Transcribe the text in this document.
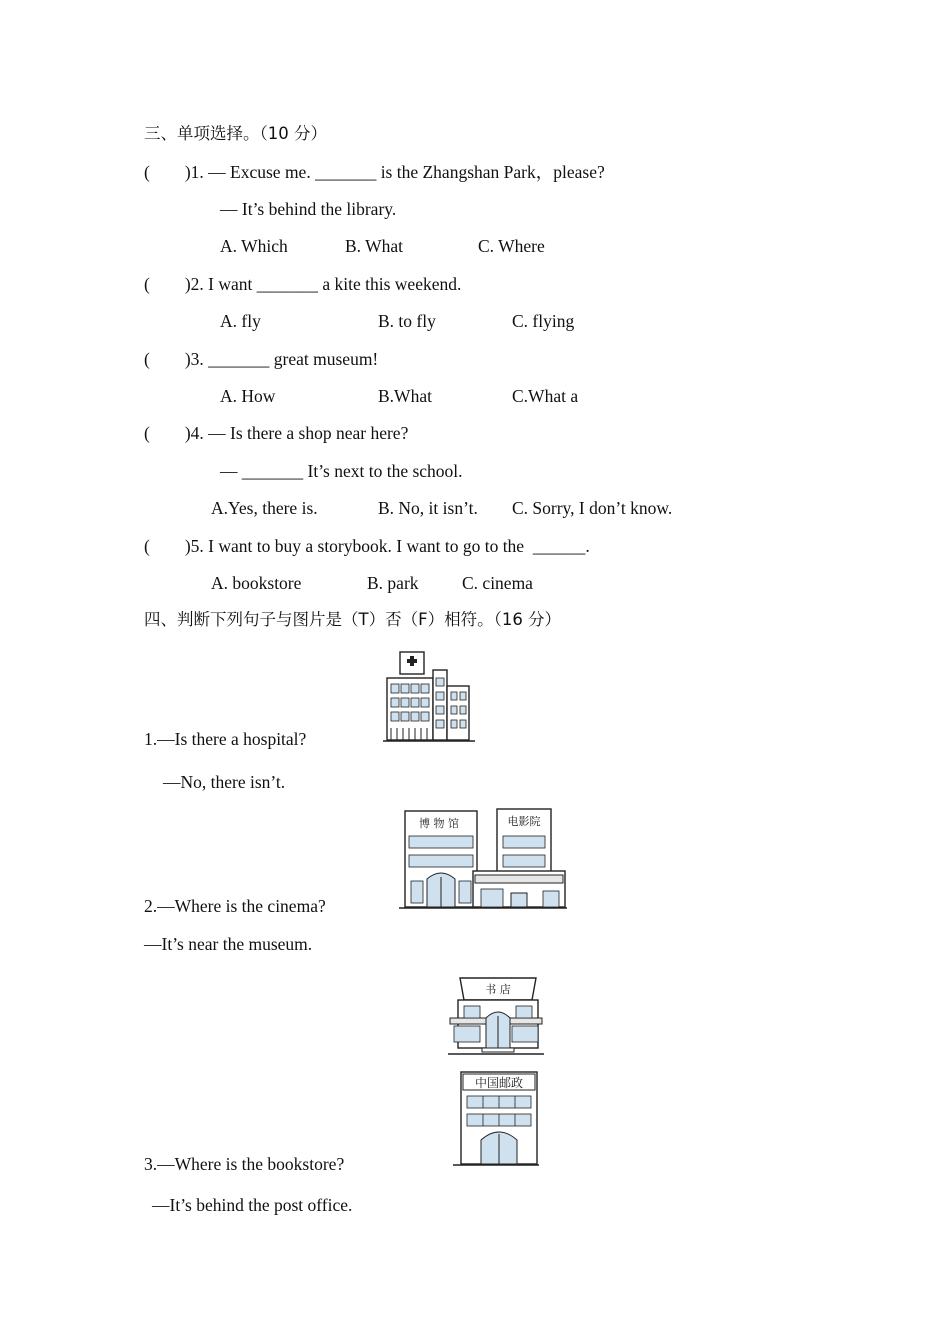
三、单项选择。（10 分）
(        )1. — Excuse me. _______ is the Zhangshan Park，please?
— It’s behind the library.
A. Which	B. What	C. Where
(        )2. I want _______ a kite this weekend.
A. fly	B. to fly	C. flying
(        )3. _______ great museum!
A. How	B.What	C.What a
(        )4. — Is there a shop near here?
— _______ It’s next to the school.
A.Yes, there is.	B. No, it isn’t. C. Sorry, I don’t know.
(        )5. I want to buy a storybook. I want to go to the  ______.
A. bookstore	B. park C. cinema
四、判断下列句子与图片是（T）否（F）相符。（16 分）
1.—Is there a hospital?
—No, there isn’t.
博 物 馆	电影院
2.—Where is the cinema?
—It’s near the museum.
书 店
中国邮政
3.—Where is the bookstore?
—It’s behind the post office.
